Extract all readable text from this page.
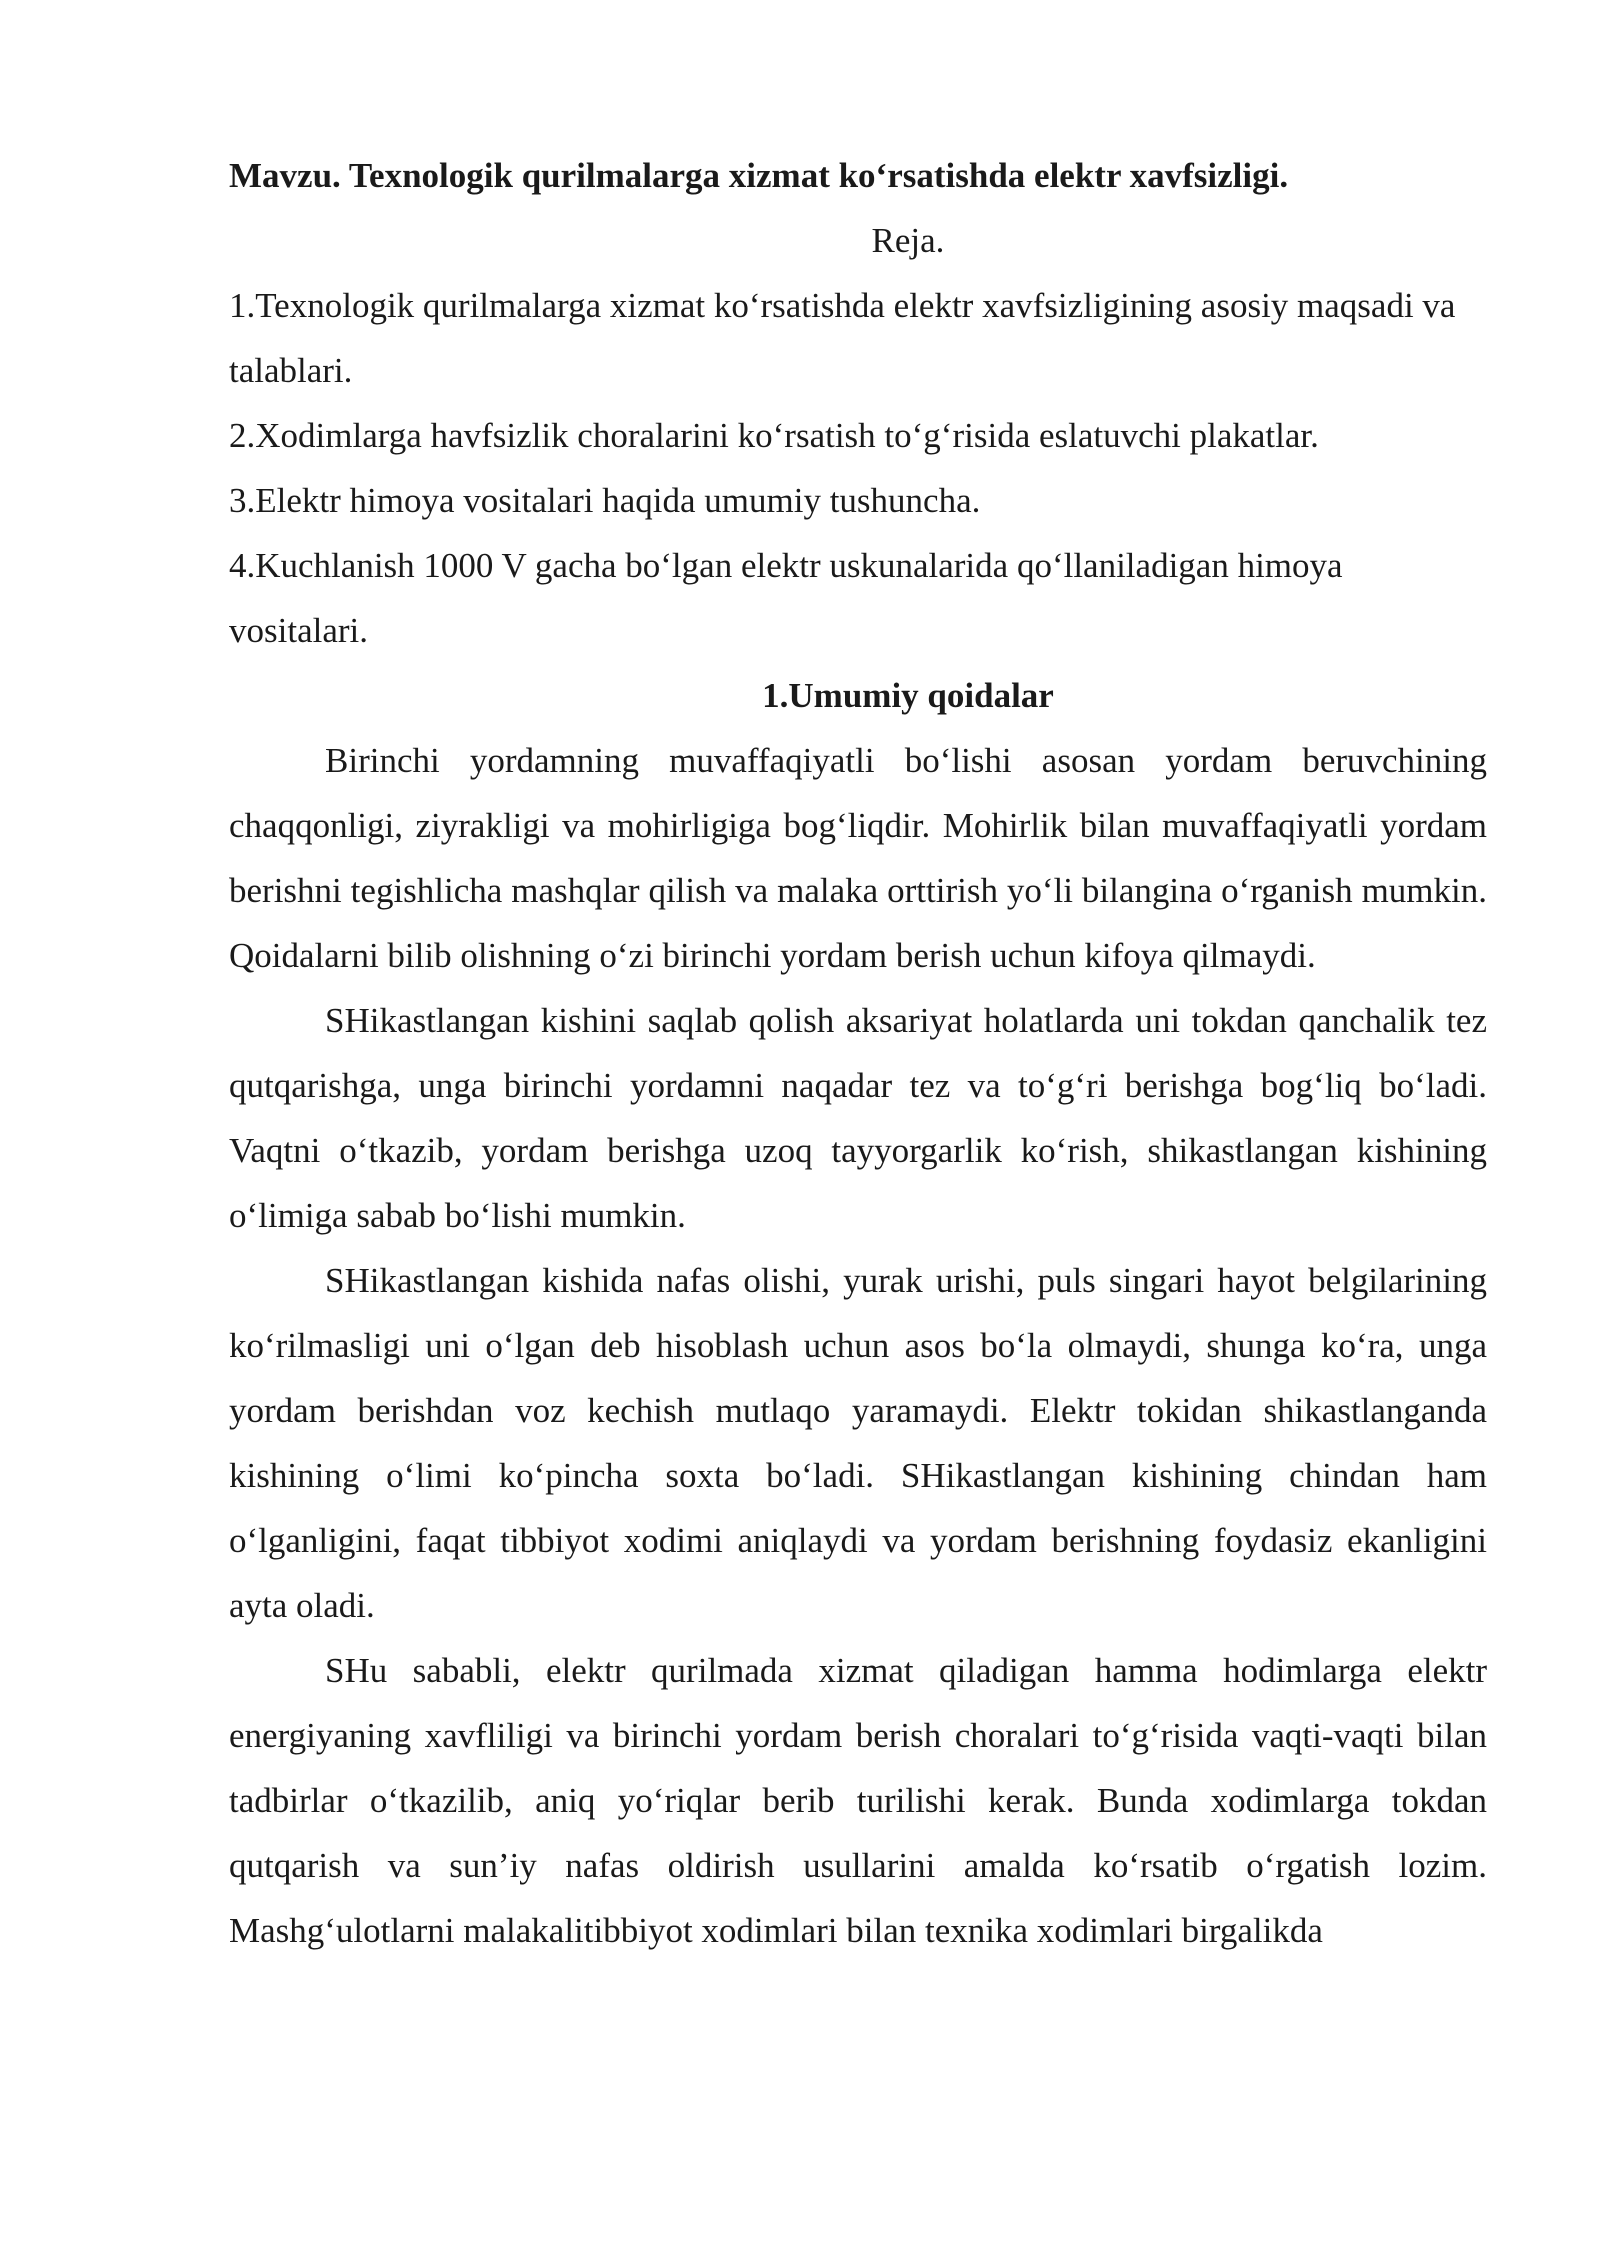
Mavzu. Texnologik qurilmalarga xizmat ko‘rsatishda elektr xavfsizligi.

Reja.

1.Texnologik qurilmalarga xizmat ko‘rsatishda elektr xavfsizligining asosiy maqsadi va talablari.

2.Xodimlarga havfsizlik choralarini ko‘rsatish to‘g‘risida eslatuvchi plakatlar.

3.Elektr himoya vositalari haqida umumiy tushuncha.

4.Kuchlanish 1000 V gacha bo‘lgan elektr uskunalarida qo‘llaniladigan himoya vositalari.

1.Umumiy qoidalar

Birinchi yordamning muvaffaqiyatli bo‘lishi asosan yordam beruvchining chaqqonligi, ziyrakligi va mohirligiga bog‘liqdir. Mohirlik bilan muvaffaqiyatli yordam berishni tegishlicha mashqlar qilish va malaka orttirish yo‘li bilangina o‘rganish mumkin. Qoidalarni bilib olishning o‘zi birinchi yordam berish uchun kifoya qilmaydi.

SHikastlangan kishini saqlab qolish aksariyat holatlarda uni tokdan qanchalik tez qutqarishga, unga birinchi yordamni naqadar tez va to‘g‘ri berishga bog‘liq bo‘ladi. Vaqtni o‘tkazib, yordam berishga uzoq tayyorgarlik ko‘rish, shikastlangan kishining o‘limiga sabab bo‘lishi mumkin.

SHikastlangan kishida nafas olishi, yurak urishi, puls singari hayot belgilarining ko‘rilmasligi uni o‘lgan deb hisoblash uchun asos bo‘la olmaydi, shunga ko‘ra, unga yordam berishdan voz kechish mutlaqo yaramaydi. Elektr tokidan shikastlanganda kishining o‘limi ko‘pincha soxta bo‘ladi. SHikastlangan kishining chindan ham o‘lganligini, faqat tibbiyot xodimi aniqlaydi va yordam berishning foydasiz ekanligini ayta oladi.

SHu sababli, elektr qurilmada xizmat qiladigan hamma hodimlarga elektr energiyaning xavfliligi va birinchi yordam berish choralari to‘g‘risida vaqti-vaqti bilan tadbirlar o‘tkazilib, aniq yo‘riqlar berib turilishi kerak. Bunda xodimlarga tokdan qutqarish va sun’iy nafas oldirish usullarini amalda ko‘rsatib o‘rgatish lozim. Mashg‘ulotlarni malakalitibbiyot xodimlari bilan texnika xodimlari birgalikda
